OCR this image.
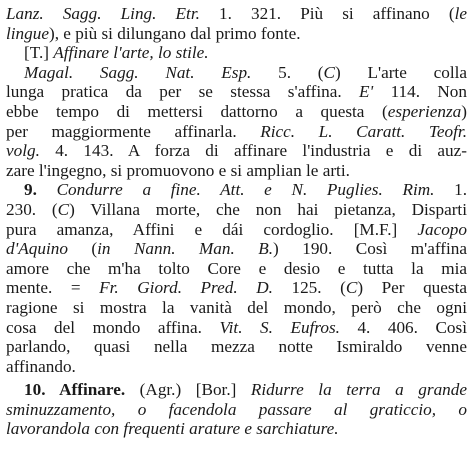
Lanz. Sagg. Ling. Etr. 1. 321. Più si affinano (le
lingue), e più si dilungano dal primo fonte.
[T.] Affinare l'arte, lo stile.
Magal. Sagg. Nat. Esp. 5. (C) L'arte colla
lunga pratica da per se stessa s'affina. E' 114. Non
ebbe tempo di mettersi dattorno a questa (esperienza)
per maggiormente affinarla. Ricc. L. Caratt. Teofr.
volg. 4. 143. A forza di affinare l'industria e di auz-
zare l'ingegno, si promuovono e si amplian le arti.
9. Condurre a fine. Att. e N. Puglies. Rim. 1.
230. (C) Villana morte, che non hai pietanza, Disparti
pura amanza, Affini e dái cordoglio. [M.F.] Jacopo
d'Aquino (in Nann. Man. B.) 190. Così m'affina
amore che m'ha tolto Core e desio e tutta la mia
mente. = Fr. Giord. Pred. D. 125. (C) Per questa
ragione si mostra la vanità del mondo, però che ogni
cosa del mondo affina. Vit. S. Eufros. 4. 406. Così
parlando, quasi nella mezza notte Ismiraldo venne
affinando.
10. Affinare. (Agr.) [Bor.] Ridurre la terra a grande
sminuzzamento, o facendola passare al graticcio, o
lavorandola con frequenti arature e sarchiature.
